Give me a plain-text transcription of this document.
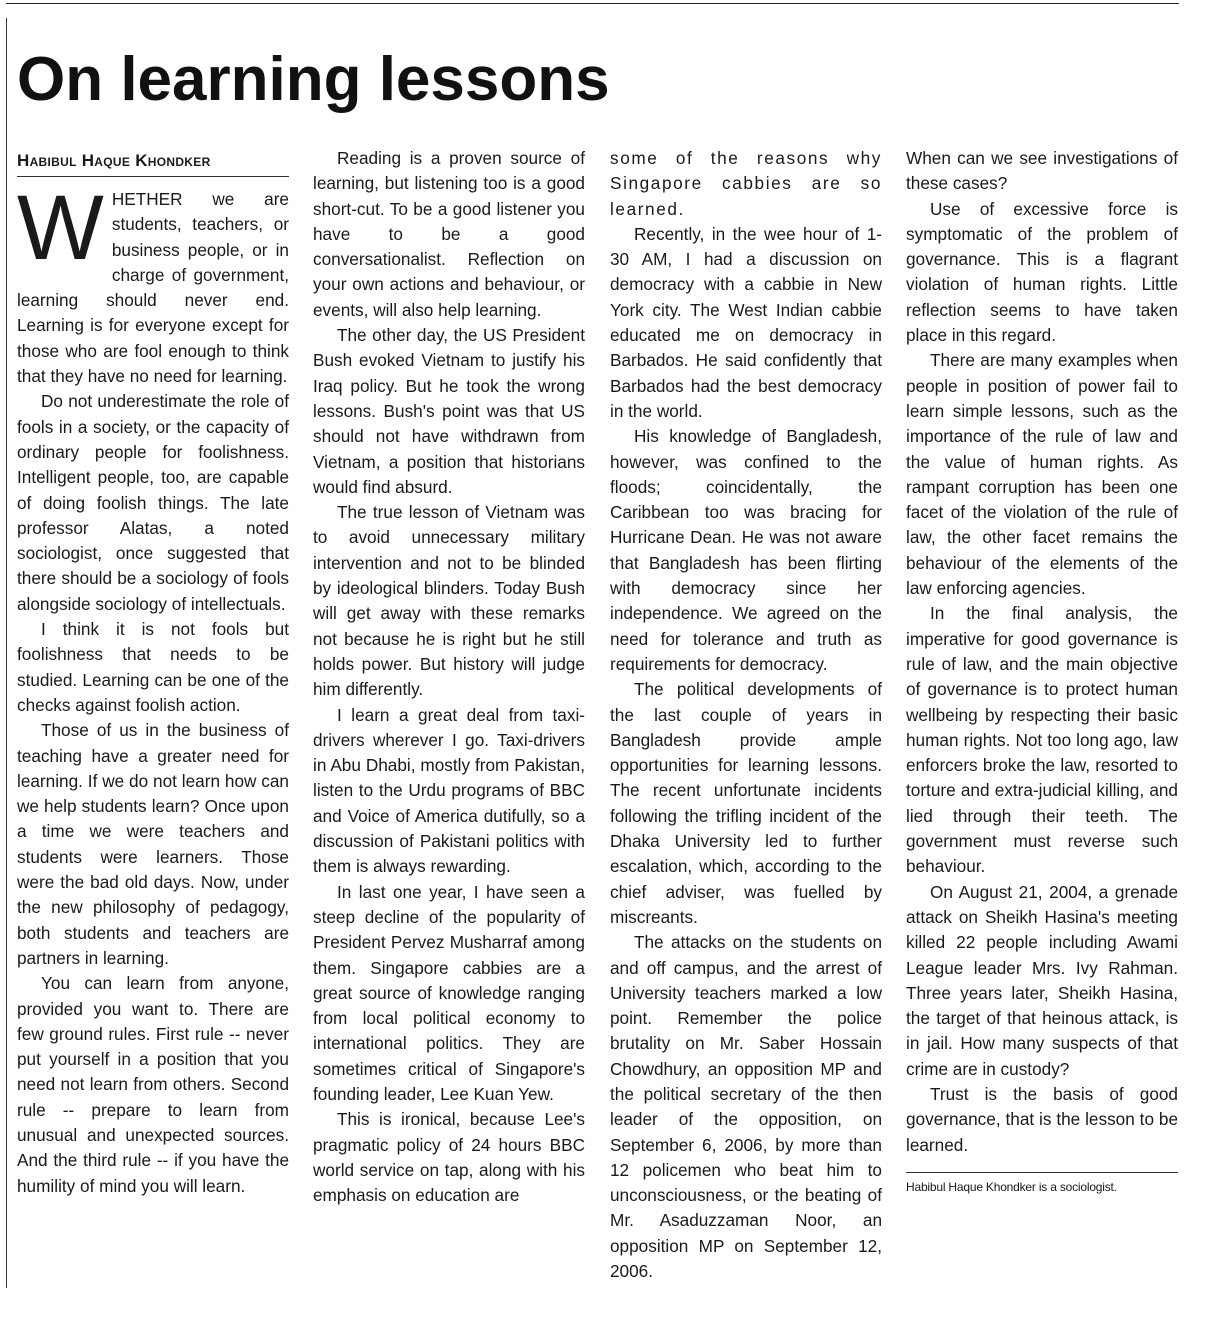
On learning lessons
Habibul Haque Khondker

WHETHER we are students, teachers, or business people, or in charge of government, learning should never end. Learning is for everyone except for those who are fool enough to think that they have no need for learning.

Do not underestimate the role of fools in a society, or the capacity of ordinary people for foolishness. Intelligent people, too, are capable of doing foolish things. The late professor Alatas, a noted sociologist, once suggested that there should be a sociology of fools alongside sociology of intellectuals.

I think it is not fools but foolishness that needs to be studied. Learning can be one of the checks against foolish action.

Those of us in the business of teaching have a greater need for learning. If we do not learn how can we help students learn? Once upon a time we were teachers and students were learners. Those were the bad old days. Now, under the new philosophy of pedagogy, both students and teachers are partners in learning.

You can learn from anyone, provided you want to. There are few ground rules. First rule -- never put yourself in a position that you need not learn from others. Second rule -- prepare to learn from unusual and unexpected sources. And the third rule -- if you have the humility of mind you will learn.

Reading is a proven source of learning, but listening too is a good short-cut. To be a good listener you have to be a good conversationalist. Reflection on your own actions and behaviour, or events, will also help learning.

The other day, the US President Bush evoked Vietnam to justify his Iraq policy. But he took the wrong lessons. Bush's point was that US should not have withdrawn from Vietnam, a position that historians would find absurd.

The true lesson of Vietnam was to avoid unnecessary military intervention and not to be blinded by ideological blinders. Today Bush will get away with these remarks not because he is right but he still holds power. But history will judge him differently.

I learn a great deal from taxi-drivers wherever I go. Taxi-drivers in Abu Dhabi, mostly from Pakistan, listen to the Urdu programs of BBC and Voice of America dutifully, so a discussion of Pakistani politics with them is always rewarding.

In last one year, I have seen a steep decline of the popularity of President Pervez Musharraf among them. Singapore cabbies are a great source of knowledge ranging from local political economy to international politics. They are sometimes critical of Singapore's founding leader, Lee Kuan Yew.

This is ironical, because Lee's pragmatic policy of 24 hours BBC world service on tap, along with his emphasis on education are

some of the reasons why Singapore cabbies are so learned.

Recently, in the wee hour of 1-30 AM, I had a discussion on democracy with a cabbie in New York city. The West Indian cabbie educated me on democracy in Barbados. He said confidently that Barbados had the best democracy in the world.

His knowledge of Bangladesh, however, was confined to the floods; coincidentally, the Caribbean too was bracing for Hurricane Dean. He was not aware that Bangladesh has been flirting with democracy since her independence. We agreed on the need for tolerance and truth as requirements for democracy.

The political developments of the last couple of years in Bangladesh provide ample opportunities for learning lessons. The recent unfortunate incidents following the trifling incident of the Dhaka University led to further escalation, which, according to the chief adviser, was fuelled by miscreants.

The attacks on the students on and off campus, and the arrest of University teachers marked a low point. Remember the police brutality on Mr. Saber Hossain Chowdhury, an opposition MP and the political secretary of the then leader of the opposition, on September 6, 2006, by more than 12 policemen who beat him to unconsciousness, or the beating of Mr. Asaduzzaman Noor, an opposition MP on September 12, 2006.

When can we see investigations of these cases?

Use of excessive force is symptomatic of the problem of governance. This is a flagrant violation of human rights. Little reflection seems to have taken place in this regard.

There are many examples when people in position of power fail to learn simple lessons, such as the importance of the rule of law and the value of human rights. As rampant corruption has been one facet of the violation of the rule of law, the other facet remains the behaviour of the elements of the law enforcing agencies.

In the final analysis, the imperative for good governance is rule of law, and the main objective of governance is to protect human wellbeing by respecting their basic human rights. Not too long ago, law enforcers broke the law, resorted to torture and extra-judicial killing, and lied through their teeth. The government must reverse such behaviour.

On August 21, 2004, a grenade attack on Sheikh Hasina's meeting killed 22 people including Awami League leader Mrs. Ivy Rahman. Three years later, Sheikh Hasina, the target of that heinous attack, is in jail. How many suspects of that crime are in custody?

Trust is the basis of good governance, that is the lesson to be learned.

Habibul Haque Khondker is a sociologist.
